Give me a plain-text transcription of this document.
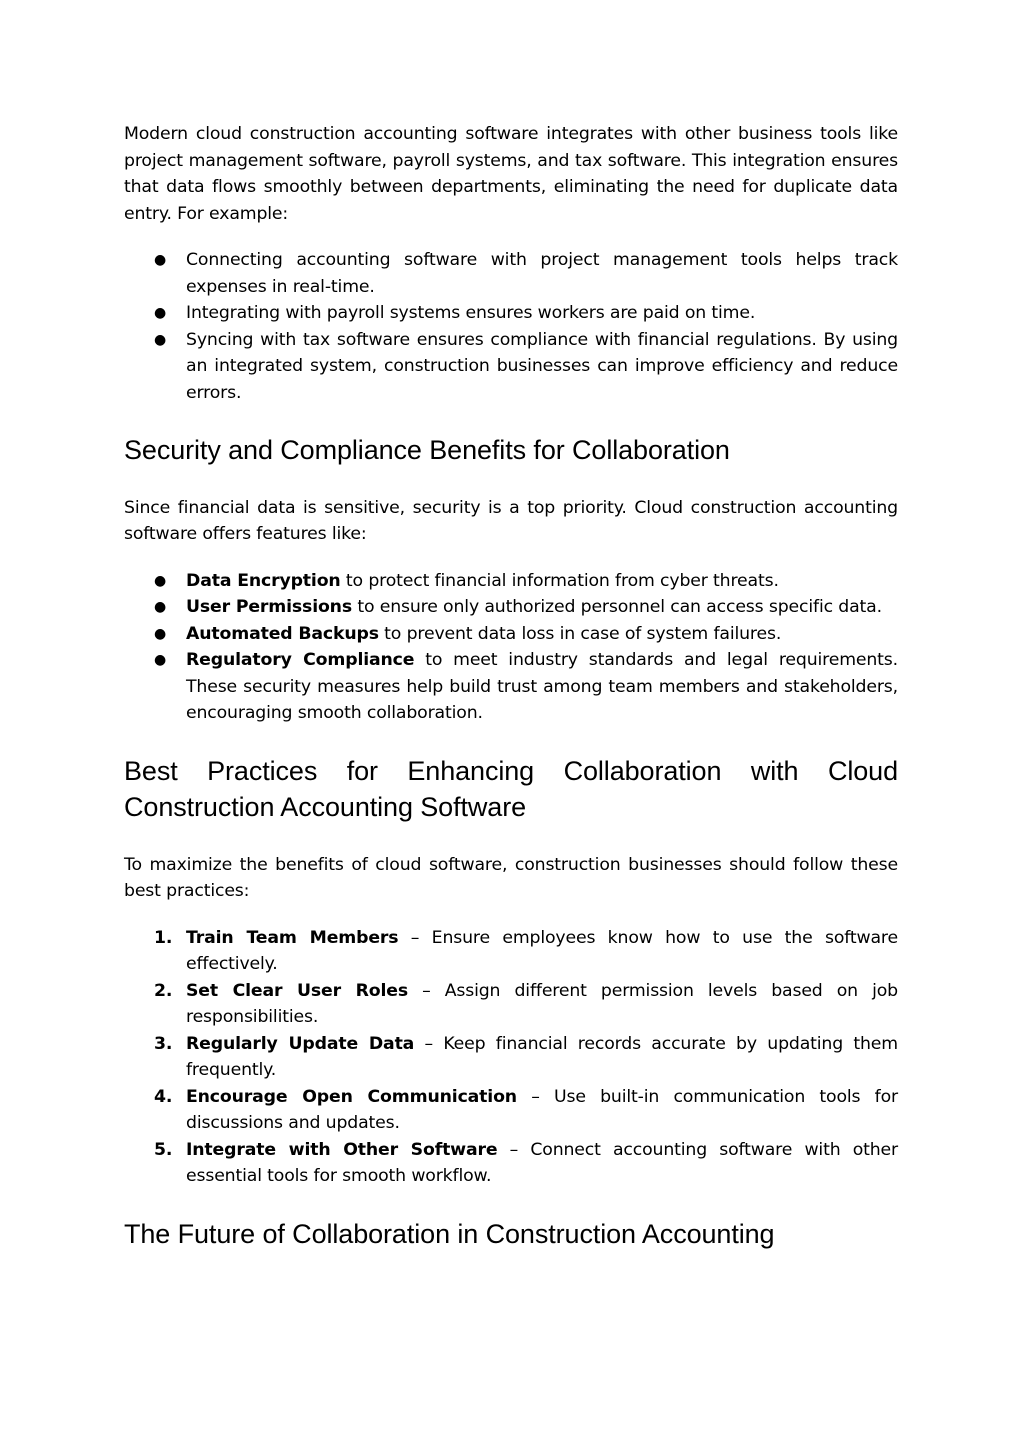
Modern cloud construction accounting software integrates with other business tools like project management software, payroll systems, and tax software. This integration ensures that data flows smoothly between departments, eliminating the need for duplicate data entry. For example:

● Connecting accounting software with project management tools helps track expenses in real-time.
● Integrating with payroll systems ensures workers are paid on time.
● Syncing with tax software ensures compliance with financial regulations. By using an integrated system, construction businesses can improve efficiency and reduce errors.
Security and Compliance Benefits for Collaboration

Since financial data is sensitive, security is a top priority. Cloud construction accounting software offers features like:

● Data Encryption to protect financial information from cyber threats.
● User Permissions to ensure only authorized personnel can access specific data.
● Automated Backups to prevent data loss in case of system failures.
● Regulatory Compliance to meet industry standards and legal requirements. These security measures help build trust among team members and stakeholders, encouraging smooth collaboration.
Best Practices for Enhancing Collaboration with Cloud Construction Accounting Software

To maximize the benefits of cloud software, construction businesses should follow these best practices:

1. Train Team Members – Ensure employees know how to use the software effectively.
2. Set Clear User Roles – Assign different permission levels based on job responsibilities.
3. Regularly Update Data – Keep financial records accurate by updating them frequently.
4. Encourage Open Communication – Use built-in communication tools for discussions and updates.
5. Integrate with Other Software – Connect accounting software with other essential tools for smooth workflow.
The Future of Collaboration in Construction Accounting
